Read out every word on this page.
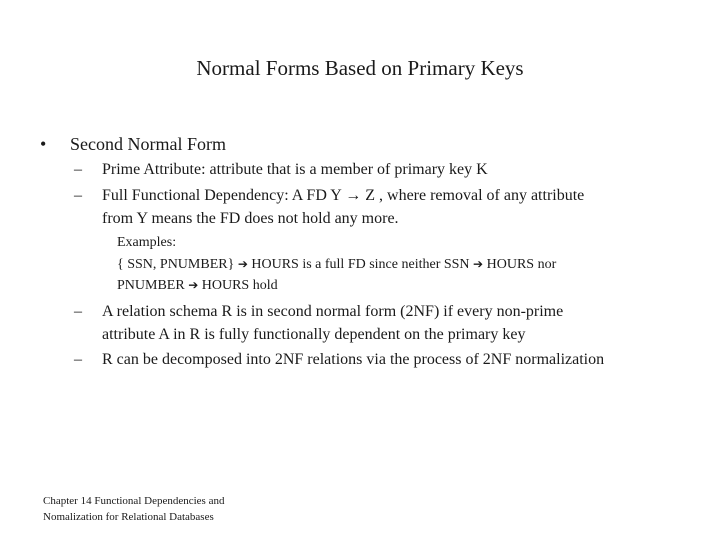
Normal Forms Based on Primary Keys
• Second Normal Form
– Prime Attribute: attribute that is a member of primary key K
– Full Functional Dependency: A FD Y → Z , where removal of any attribute
from Y means the FD does not hold any more.
Examples:
{ SSN, PNUMBER} ➔ HOURS is a full FD since neither SSN ➔ HOURS nor
PNUMBER ➔ HOURS hold
– A relation schema R is in second normal form (2NF) if every non-prime
attribute A in R is fully functionally dependent on the primary key
– R can be decomposed into 2NF relations via the process of 2NF normalization
Chapter 14 Functional Dependencies and
Nomalization for Relational Databases
